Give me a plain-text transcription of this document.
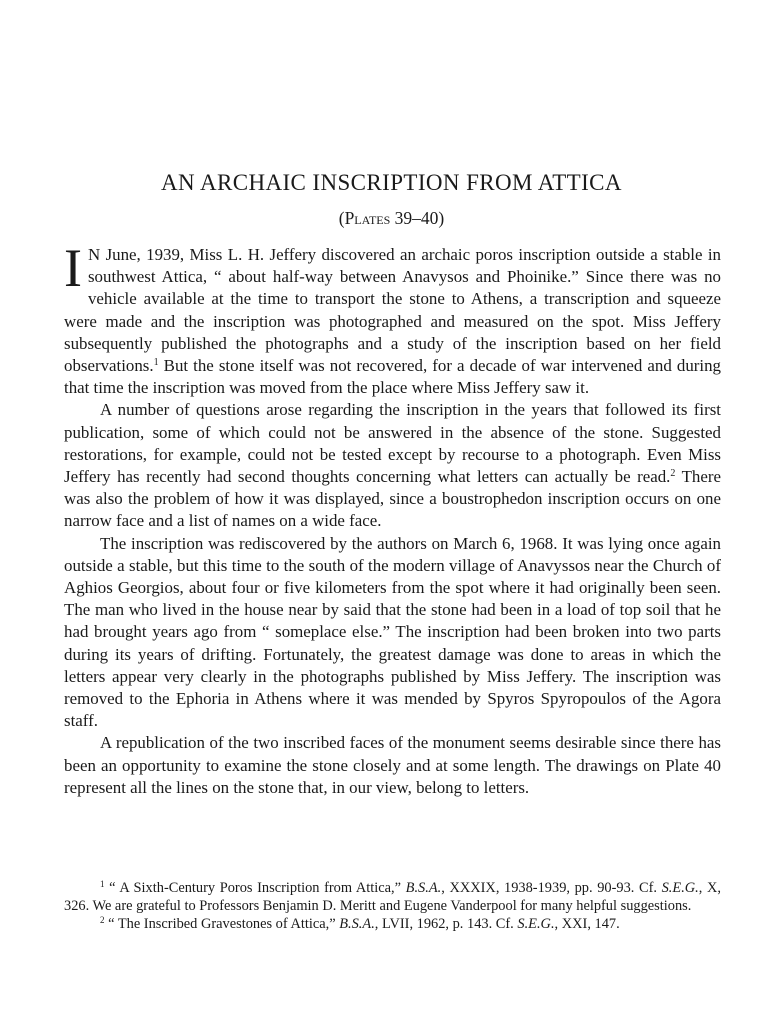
AN ARCHAIC INSCRIPTION FROM ATTICA
(Plates 39–40)

I N June, 1939, Miss L. H. Jeffery discovered an archaic poros inscription outside a stable in southwest Attica, “ about half-way between Anavysos and Phoinike.” Since there was no vehicle available at the time to transport the stone to Athens, a transcription and squeeze were made and the inscription was photographed and measured on the spot. Miss Jeffery subsequently published the photographs and a study of the inscription based on her field observations.$^1$ But the stone itself was not recovered, for a decade of war intervened and during that time the inscription was moved from the place where Miss Jeffery saw it.

A number of questions arose regarding the inscription in the years that followed its first publication, some of which could not be answered in the absence of the stone. Suggested restorations, for example, could not be tested except by recourse to a photograph. Even Miss Jeffery has recently had second thoughts concerning what letters can actually be read.$^2$ There was also the problem of how it was displayed, since a boustrophedon inscription occurs on one narrow face and a list of names on a wide face.

The inscription was rediscovered by the authors on March 6, 1968. It was lying once again outside a stable, but this time to the south of the modern village of Anavyssos near the Church of Aghios Georgios, about four or five kilometers from the spot where it had originally been seen. The man who lived in the house near by said that the stone had been in a load of top soil that he had brought years ago from “ someplace else.” The inscription had been broken into two parts during its years of drifting. Fortunately, the greatest damage was done to areas in which the letters appear very clearly in the photographs published by Miss Jeffery. The inscription was removed to the Ephoria in Athens where it was mended by Spyros Spyropoulos of the Agora staff.

A republication of the two inscribed faces of the monument seems desirable since there has been an opportunity to examine the stone closely and at some length. The drawings on Plate 40 represent all the lines on the stone that, in our view, belong to letters.

$^1$ “ A Sixth-Century Poros Inscription from Attica,” B.S.A., XXXIX, 1938-1939, pp. 90-93. Cf. S.E.G., X, 326. We are grateful to Professors Benjamin D. Meritt and Eugene Vanderpool for many helpful suggestions.

$^2$ “ The Inscribed Gravestones of Attica,” B.S.A., LVII, 1962, p. 143. Cf. S.E.G., XXI, 147.
